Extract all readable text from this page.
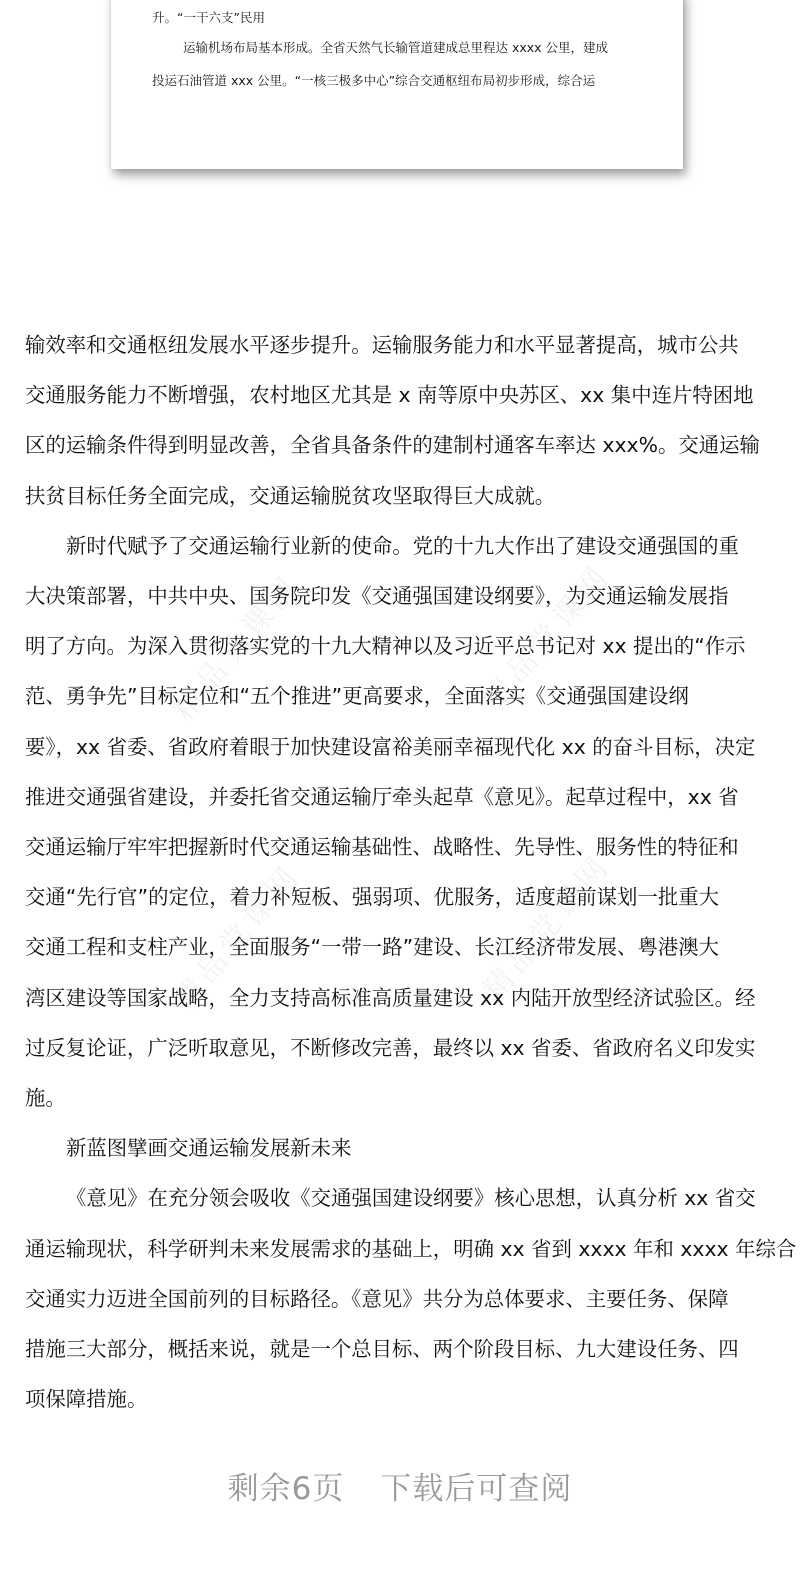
升。“一干六支”民用
运输机场布局基本形成。全省天然气长输管道建成总里程达 xxxx 公里，建成
投运石油管道 xxx 公里。“一核三极多中心”综合交通枢纽布局初步形成，综合运
精品党课网	精品党课网
精品党课网	精品党课网

输效率和交通枢纽发展水平逐步提升。运输服务能力和水平显著提高，城市公共

交通服务能力不断增强，农村地区尤其是 x 南等原中央苏区、xx 集中连片特困地

区的运输条件得到明显改善，全省具备条件的建制村通客车率达 xxx%。交通运输

扶贫目标任务全面完成，交通运输脱贫攻坚取得巨大成就。

新时代赋予了交通运输行业新的使命。党的十九大作出了建设交通强国的重

大决策部署，中共中央、国务院印发《交通强国建设纲要》，为交通运输发展指

明了方向。为深入贯彻落实党的十九大精神以及习近平总书记对 xx 提出的“作示

范、勇争先”目标定位和“五个推进”更高要求，全面落实《交通强国建设纲

要》，xx 省委、省政府着眼于加快建设富裕美丽幸福现代化 xx 的奋斗目标，决定

推进交通强省建设，并委托省交通运输厅牵头起草《意见》。起草过程中，xx 省

交通运输厅牢牢把握新时代交通运输基础性、战略性、先导性、服务性的特征和

交通“先行官”的定位，着力补短板、强弱项、优服务，适度超前谋划一批重大

交通工程和支柱产业，全面服务“一带一路”建设、长江经济带发展、粤港澳大

湾区建设等国家战略，全力支持高标准高质量建设 xx 内陆开放型经济试验区。经

过反复论证，广泛听取意见，不断修改完善，最终以 xx 省委、省政府名义印发实

施。

新蓝图擘画交通运输发展新未来

《意见》在充分领会吸收《交通强国建设纲要》核心思想，认真分析 xx 省交

通运输现状，科学研判未来发展需求的基础上，明确 xx 省到 xxxx 年和 xxxx 年综合

交通实力迈进全国前列的目标路径。《意见》共分为总体要求、主要任务、保障

措施三大部分，概括来说，就是一个总目标、两个阶段目标、九大建设任务、四

项保障措施。

剩余6页 下载后可查阅
